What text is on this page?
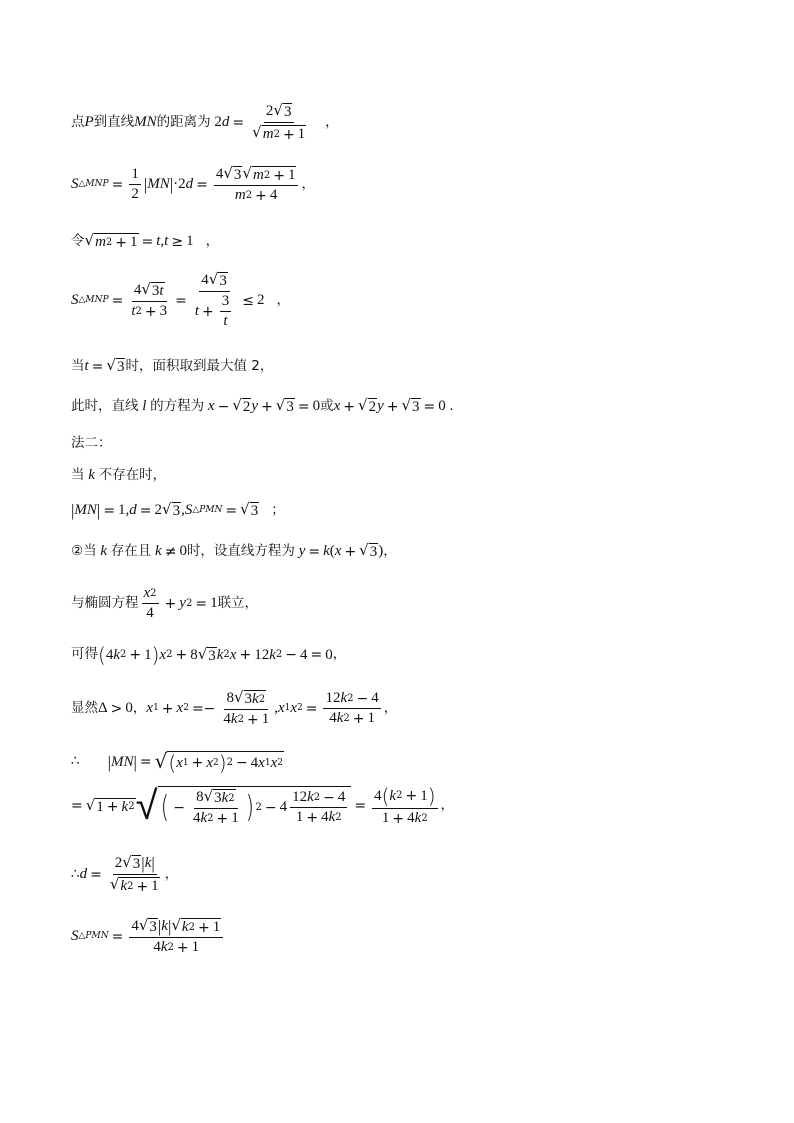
点 P 到直线 MN 的距离为 2 $d = \frac{2 √ 3}{√ m 2 + 1}$ ，
S △MNP = $\frac{1}{2}$ | MN | ·2 $d = \frac{4 √ 3 √ m 2 + 1}{m 2 + 4}$ ，
令 √ m 2 + 1 = t , t ≥ 1 ，
S △MNP = $\frac{4 √ 3 t}{t 2 + 3} = \frac{4 √ 3}{t + \frac{3}{t}} \le 2$ ，
当 t = √ 3 时，面积取到最大值 2，
此时，直线 l 的方程为 x − √ 2 y + √ 3 = 0 或 x + √ 2 y + √ 3 = 0 .
法二：
当 k 不存在时，
| MN | = 1, d = 2 √ 3 , S △PMN = √ 3 ；
② 当 k 存在且 k ≠ 0 时，设直线方程为 y = k ( x + √ 3 ) ，
与椭圆方程 $\frac{x 2}{4} + y$ 2 = 1 联立，
可得 ( 4 k 2 + 1 ) x 2 + 8 √ 3 k 2 x + 12 k 2 − 4 = 0 ，
显然 Δ > 0 ， x 1 + x $2 =- \frac{8 √ 3 k 2}{4 k 2 + 1}$ , x 1 x $2 = \frac{12 k 2 - 4}{4 k 2 + 1}$ ，
∴ | MN | = √ ( x 1 + x 2 ) 2 − 4 x 1 x 2
= √ 1 + k 2 √ ( − $\frac{8 √ 3 k 2}{4 k 2 + 1}$ ) $2 - 4 \frac{12 k 2 - 4}{1 + 4 k 2} = \frac{4 ( k 2 + 1 )}{1 + 4 k 2}$ ，
∴ $d = \frac{2 √ 3 | k |}{√ k 2 + 1}$ ，
S △PMN = $\frac{4 √ 3 | k | √ k 2 + 1}{4 k 2 + 1}$
